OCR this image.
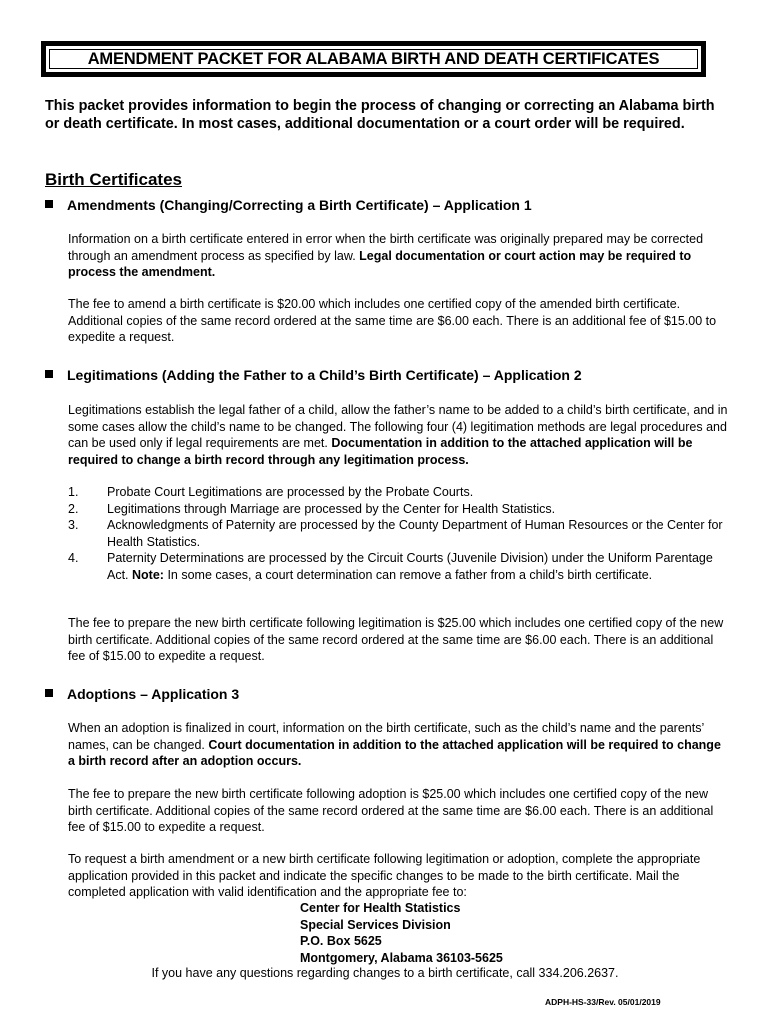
AMENDMENT PACKET FOR ALABAMA BIRTH AND DEATH CERTIFICATES
This packet provides information to begin the process of changing or correcting an Alabama birth or death certificate. In most cases, additional documentation or a court order will be required.
Birth Certificates
Amendments (Changing/Correcting a Birth Certificate) – Application 1
Information on a birth certificate entered in error when the birth certificate was originally prepared may be corrected through an amendment process as specified by law. Legal documentation or court action may be required to process the amendment.
The fee to amend a birth certificate is $20.00 which includes one certified copy of the amended birth certificate. Additional copies of the same record ordered at the same time are $6.00 each. There is an additional fee of $15.00 to expedite a request.
Legitimations (Adding the Father to a Child’s Birth Certificate) – Application 2
Legitimations establish the legal father of a child, allow the father’s name to be added to a child’s birth certificate, and in some cases allow the child’s name to be changed. The following four (4) legitimation methods are legal procedures and can be used only if legal requirements are met. Documentation in addition to the attached application will be required to change a birth record through any legitimation process.
1.	Probate Court Legitimations are processed by the Probate Courts.
2.	Legitimations through Marriage are processed by the Center for Health Statistics.
3.	Acknowledgments of Paternity are processed by the County Department of Human Resources or the Center for Health Statistics.
4.	Paternity Determinations are processed by the Circuit Courts (Juvenile Division) under the Uniform Parentage Act. Note: In some cases, a court determination can remove a father from a child’s birth certificate.
The fee to prepare the new birth certificate following legitimation is $25.00 which includes one certified copy of the new birth certificate. Additional copies of the same record ordered at the same time are $6.00 each. There is an additional fee of $15.00 to expedite a request.
Adoptions – Application 3
When an adoption is finalized in court, information on the birth certificate, such as the child’s name and the parents’ names, can be changed. Court documentation in addition to the attached application will be required to change a birth record after an adoption occurs.
The fee to prepare the new birth certificate following adoption is $25.00 which includes one certified copy of the new birth certificate. Additional copies of the same record ordered at the same time are $6.00 each. There is an additional fee of $15.00 to expedite a request.
To request a birth amendment or a new birth certificate following legitimation or adoption, complete the appropriate application provided in this packet and indicate the specific changes to be made to the birth certificate. Mail the completed application with valid identification and the appropriate fee to:
Center for Health Statistics
Special Services Division
P.O. Box 5625
Montgomery, Alabama 36103-5625
If you have any questions regarding changes to a birth certificate, call 334.206.2637.
ADPH-HS-33/Rev. 05/01/2019
